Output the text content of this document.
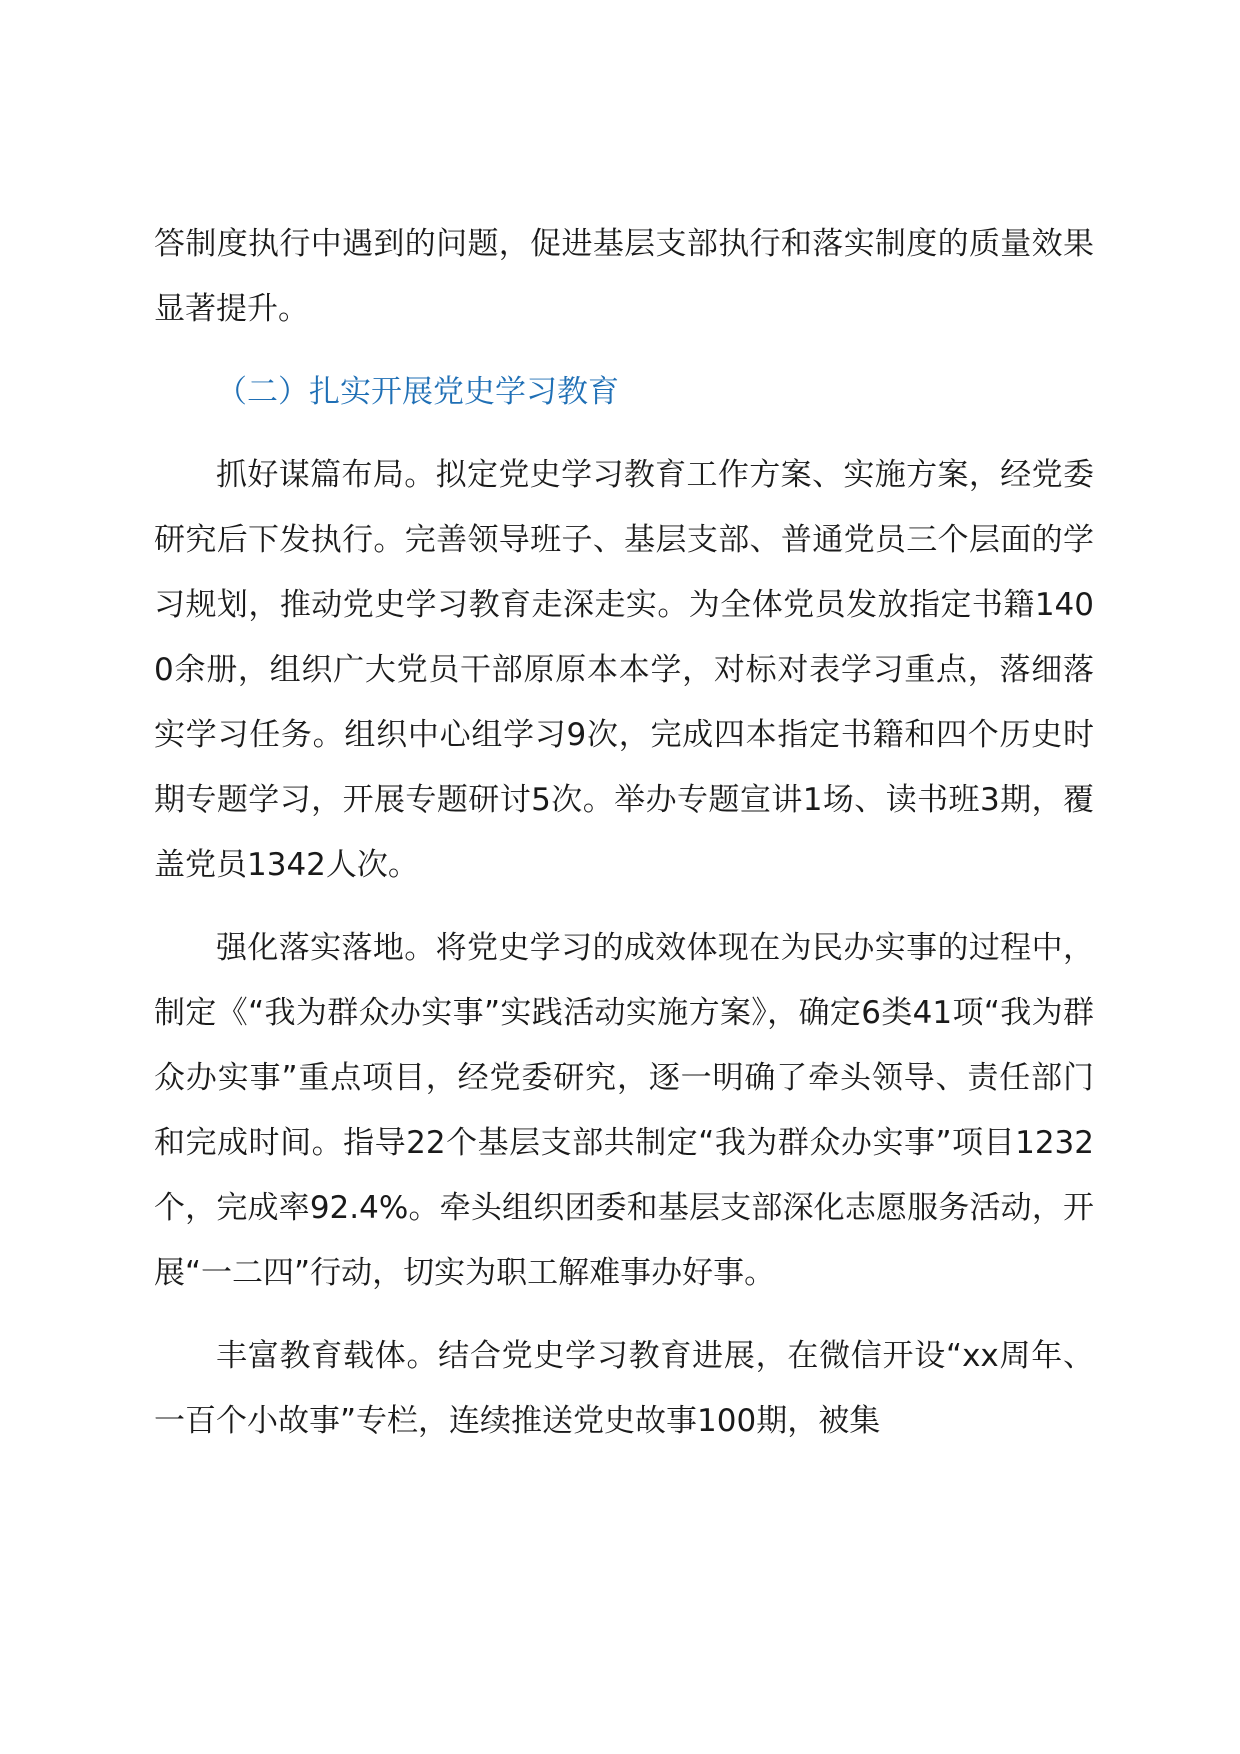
答制度执行中遇到的问题，促进基层支部执行和落实制度的质量效果显著提升。

（二）扎实开展党史学习教育

抓好谋篇布局。拟定党史学习教育工作方案、实施方案，经党委研究后下发执行。完善领导班子、基层支部、普通党员三个层面的学习规划，推动党史学习教育走深走实。为全体党员发放指定书籍1400余册，组织广大党员干部原原本本学，对标对表学习重点，落细落实学习任务。组织中心组学习9次，完成四本指定书籍和四个历史时期专题学习，开展专题研讨5次。举办专题宣讲1场、读书班3期，覆盖党员1342人次。

强化落实落地。将党史学习的成效体现在为民办实事的过程中，制定《“我为群众办实事”实践活动实施方案》，确定6类41项“我为群众办实事”重点项目，经党委研究，逐一明确了牵头领导、责任部门和完成时间。指导22个基层支部共制定“我为群众办实事”项目1232个，完成率92.4%。牵头组织团委和基层支部深化志愿服务活动，开展“一二四”行动，切实为职工解难事办好事。

丰富教育载体。结合党史学习教育进展，在微信开设“xx周年、一百个小故事”专栏，连续推送党史故事100期，被集
